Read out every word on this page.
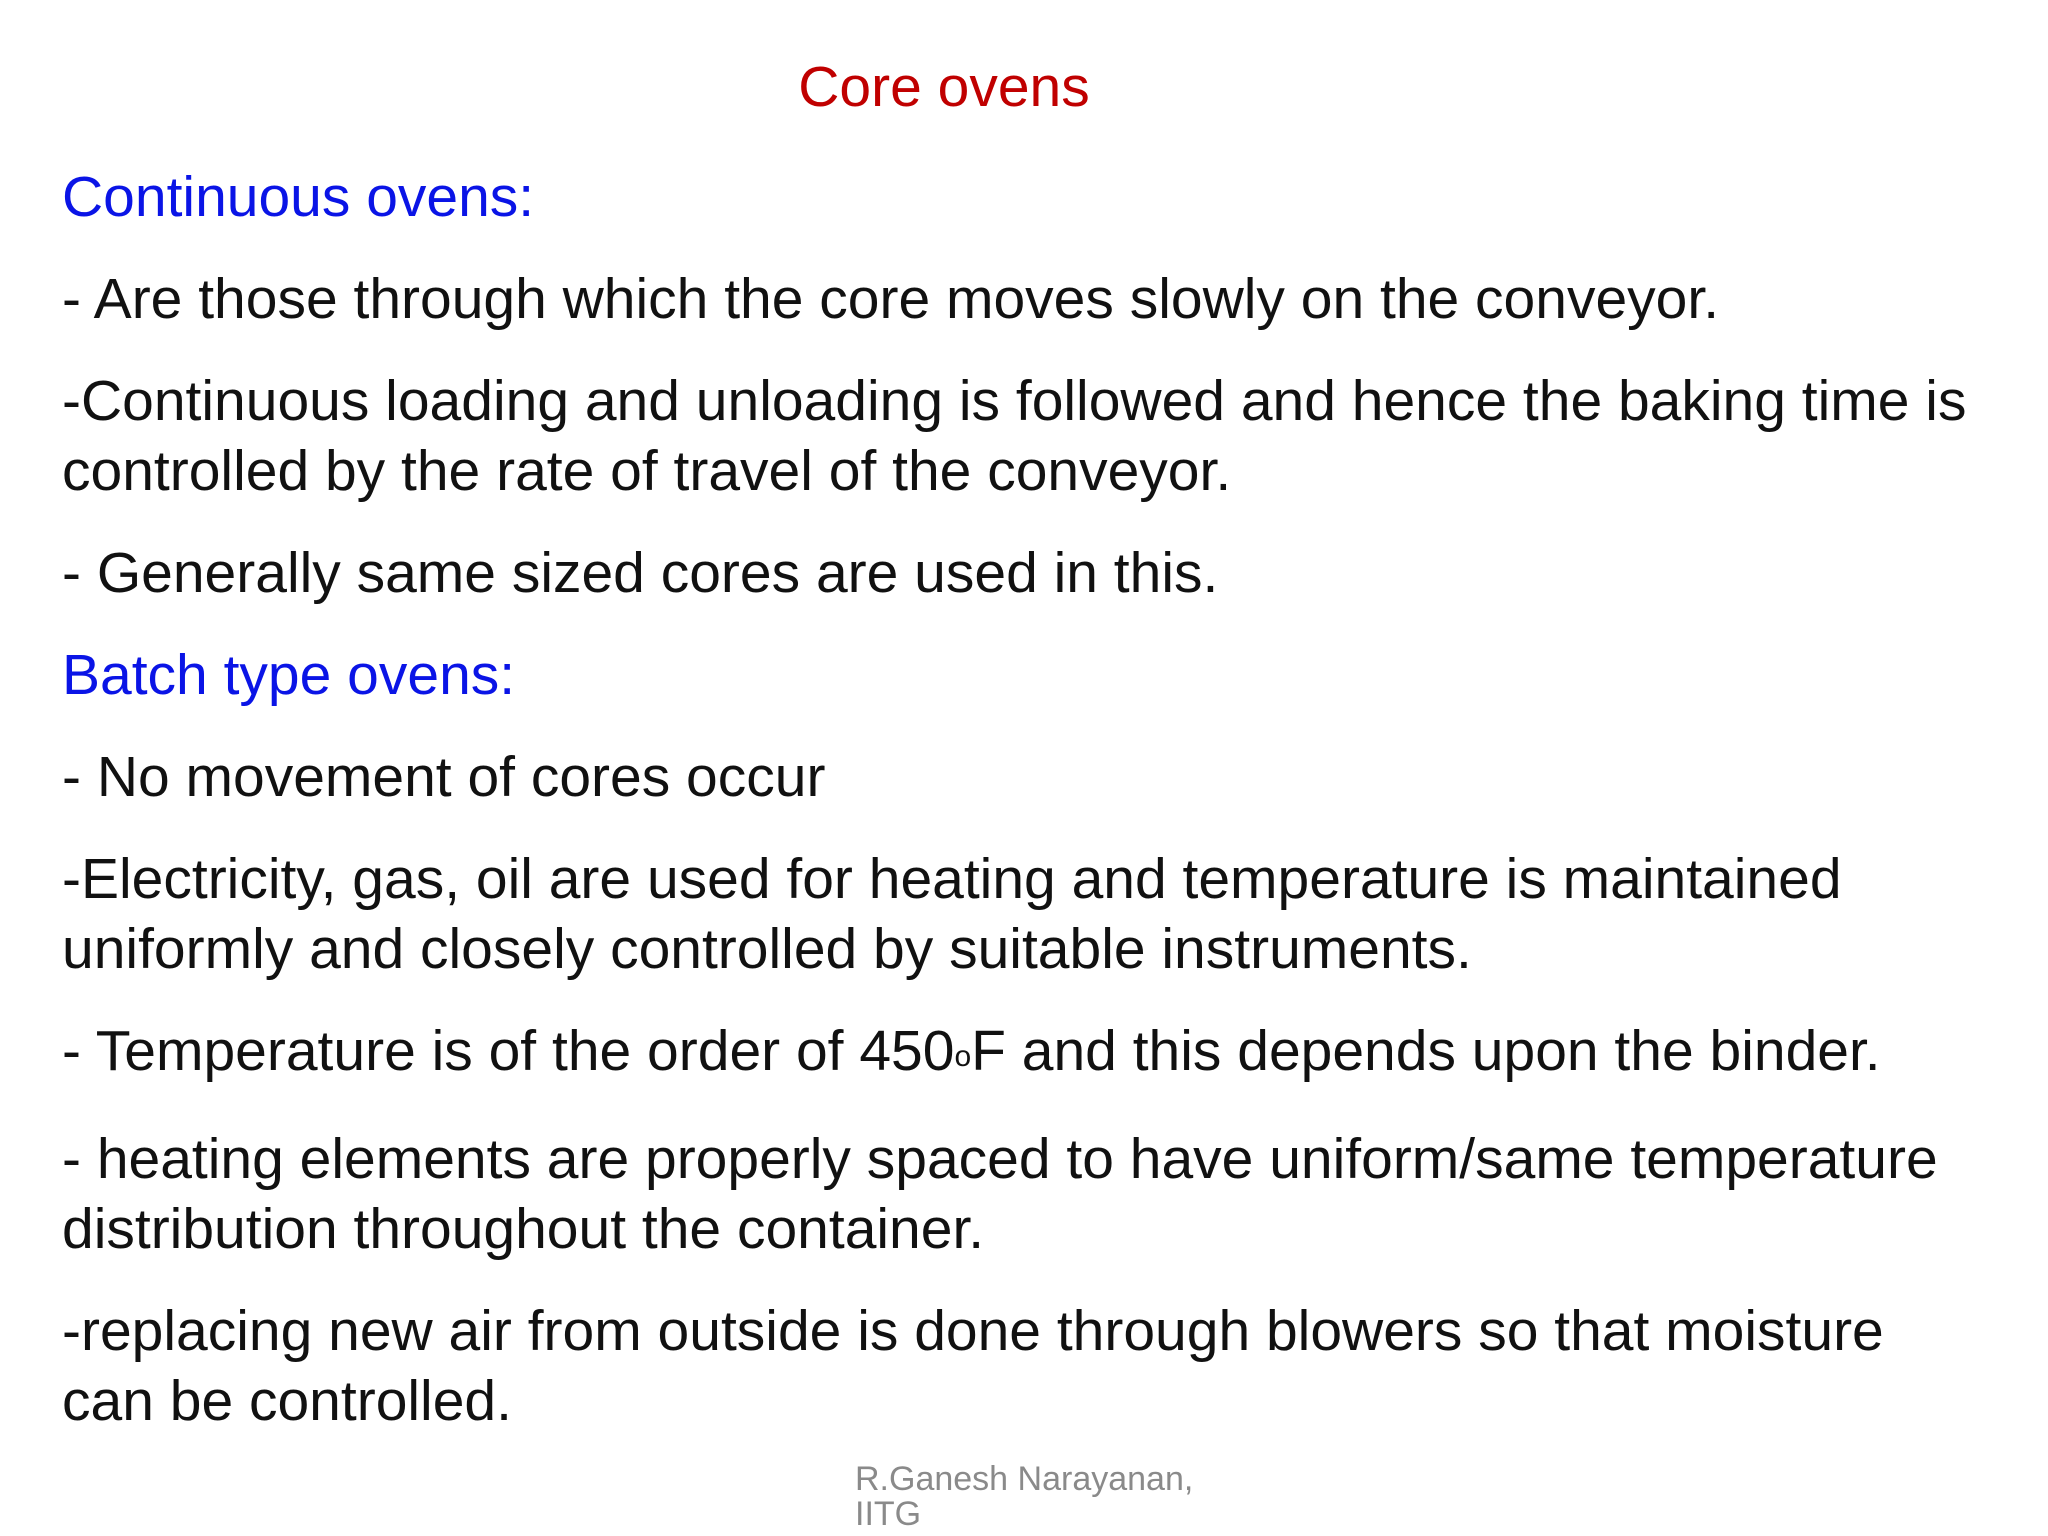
Core ovens
Continuous ovens:
- Are those through which the core moves slowly on the conveyor.
-Continuous loading and unloading is followed and hence the baking time is
controlled by the rate of travel of the conveyor.
- Generally same sized cores are used in this.
Batch type ovens:
- No movement of cores occur
-Electricity, gas, oil are used for heating and temperature is maintained
uniformly and closely controlled by suitable instruments.
- Temperature is of the order of 450$^o$F and this depends upon the binder.
- heating elements are properly spaced to have uniform/same temperature
distribution throughout the container.
-replacing new air from outside is done through blowers so that moisture
can be controlled.
R.Ganesh Narayanan,
IITG
